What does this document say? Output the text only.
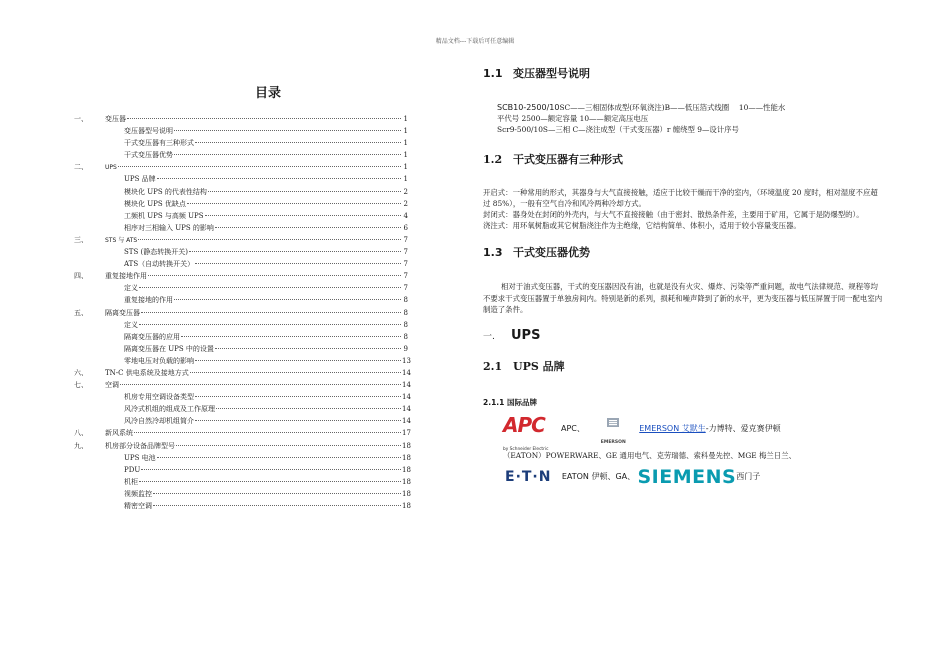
精品文档---下载后可任意编辑
目录
一、	变压器	1
变压器型号说明	1
干式变压器有三种形式	1
干式变压器优势	1
二、	UPS	1
UPS 品牌	1
模块化 UPS 的代表性结构	2
模块化 UPS 优缺点	2
工频机 UPS 与高频 UPS	4
相序对三相输入 UPS 的影响	6
三、	STS 与 ATS	7
STS (静态转换开关)	7
ATS（自动转换开关）	7
四、	重复接地作用	7
定义	7
重复接地的作用	8
五、	隔离变压器	8
定义	8
隔离变压器的应用	8
隔离变压器在 UPS 中的设置	9
零地电压对负载的影响	13
六、	TN-C 供电系统及接地方式	14
七、	空调	14
机房专用空调设备类型	14
风冷式机组的组成及工作原理	14
风冷自然冷却机组简介	14
八、	新风系统	17
九、	机房部分设备品牌型号	18
UPS 电池	18
PDU	18
机柜	18
视频监控	18
精密空调	18
1.1 变压器型号说明

SCB10-2500/10SC——三相固体成型(环氧浇注)B——低压箔式线圈　 10——性能水
平代号 2500—额定容量 10——额定高压电压
Scr9-500/10S—三相 C—浇注成型（干式变压器）r 缠绕型 9—设计序号

1.2 干式变压器有三种形式

开启式：一种常用的形式，其器身与大气直接接触，适应于比较干燥而干净的室内，（环境温度 20 度时，相对湿度不应超过 85%），一般有空气自冷和风冷两种冷却方式。

封闭式：器身处在封闭的外壳内，与大气不直接接触（由于密封、散热条件差，主要用于矿用，它属于是防爆型的）。

浇注式：用环氧树脂或其它树脂浇注作为主绝缘，它结构简单、体积小，适用于较小容量变压器。

1.3 干式变压器优势

相对于油式变压器，干式的变压器因没有油，也就是没有火灾、爆炸、污染等严重问题，故电气法律规范、规程等均不要求干式变压器置于单独房间内。特别是新的系列，损耗和噪声降到了新的水平，更为变压器与低压屏置于同一配电室内制造了条件。

一. UPS
2.1 UPS 品牌
2.1.1 国际品牌
APC
by Schneider Electric
APC、
EMERSONEMERSON 艾默生-力博特、爱克赛伊顿

（EATON）POWERWARE、GE 通用电气、克劳瑞德、索科曼先控、MGE 梅兰日兰、

E·T·N EATON 伊顿、GA、 SIEMENS西门子
